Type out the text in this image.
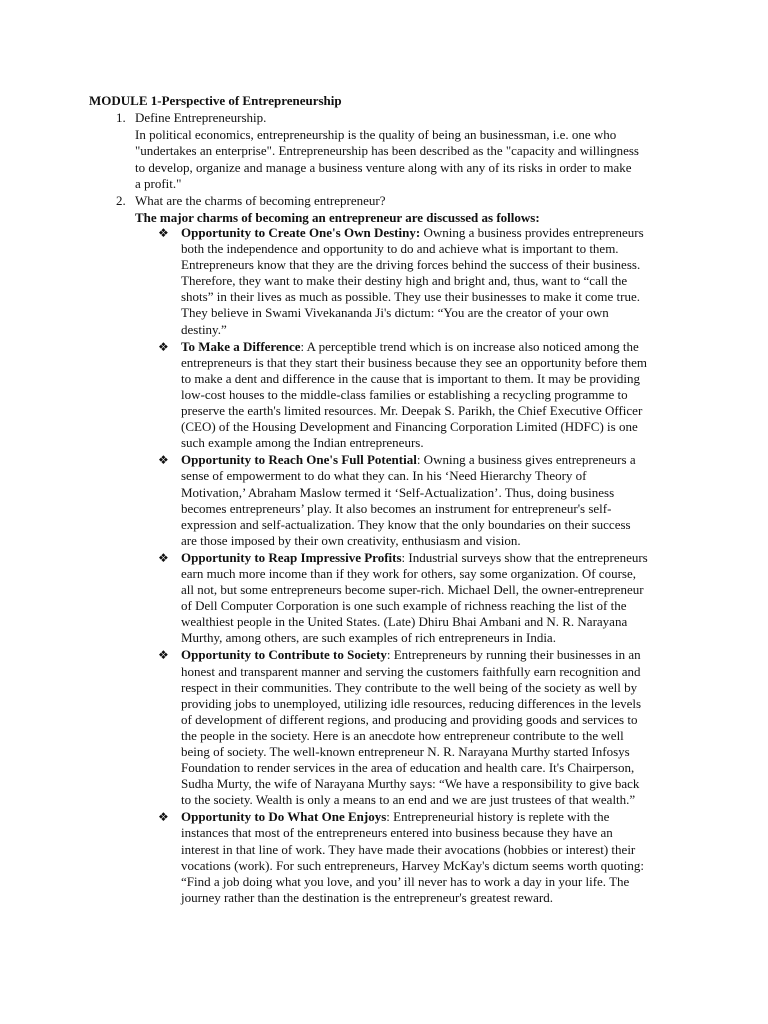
MODULE 1-Perspective of Entrepreneurship
1. Define Entrepreneurship.
In political economics, entrepreneurship is the quality of being an businessman, i.e. one who
"undertakes an enterprise". Entrepreneurship has been described as the "capacity and willingness
to develop, organize and manage a business venture along with any of its risks in order to make
a profit."
2. What are the charms of becoming entrepreneur?
The major charms of becoming an entrepreneur are discussed as follows:
❖ Opportunity to Create One's Own Destiny: Owning a business provides entrepreneurs
both the independence and opportunity to do and achieve what is important to them.
Entrepreneurs know that they are the driving forces behind the success of their business.
Therefore, they want to make their destiny high and bright and, thus, want to “call the
shots” in their lives as much as possible. They use their businesses to make it come true.
They believe in Swami Vivekananda Ji's dictum: “You are the creator of your own
destiny.”
❖ To Make a Difference: A perceptible trend which is on increase also noticed among the
entrepreneurs is that they start their business because they see an opportunity before them
to make a dent and difference in the cause that is important to them. It may be providing
low-cost houses to the middle-class families or establishing a recycling programme to
preserve the earth's limited resources. Mr. Deepak S. Parikh, the Chief Executive Officer
(CEO) of the Housing Development and Financing Corporation Limited (HDFC) is one
such example among the Indian entrepreneurs.
❖ Opportunity to Reach One's Full Potential: Owning a business gives entrepreneurs a
sense of empowerment to do what they can. In his ‘Need Hierarchy Theory of
Motivation,’ Abraham Maslow termed it ‘Self-Actualization’. Thus, doing business
becomes entrepreneurs’ play. It also becomes an instrument for entrepreneur's self-
expression and self-actualization. They know that the only boundaries on their success
are those imposed by their own creativity, enthusiasm and vision.
❖ Opportunity to Reap Impressive Profits: Industrial surveys show that the entrepreneurs
earn much more income than if they work for others, say some organization. Of course,
all not, but some entrepreneurs become super-rich. Michael Dell, the owner-entrepreneur
of Dell Computer Corporation is one such example of richness reaching the list of the
wealthiest people in the United States. (Late) Dhiru Bhai Ambani and N. R. Narayana
Murthy, among others, are such examples of rich entrepreneurs in India.
❖ Opportunity to Contribute to Society: Entrepreneurs by running their businesses in an
honest and transparent manner and serving the customers faithfully earn recognition and
respect in their communities. They contribute to the well being of the society as well by
providing jobs to unemployed, utilizing idle resources, reducing differences in the levels
of development of different regions, and producing and providing goods and services to
the people in the society. Here is an anecdote how entrepreneur contribute to the well
being of society. The well-known entrepreneur N. R. Narayana Murthy started Infosys
Foundation to render services in the area of education and health care. It's Chairperson,
Sudha Murty, the wife of Narayana Murthy says: “We have a responsibility to give back
to the society. Wealth is only a means to an end and we are just trustees of that wealth.”
❖ Opportunity to Do What One Enjoys: Entrepreneurial history is replete with the
instances that most of the entrepreneurs entered into business because they have an
interest in that line of work. They have made their avocations (hobbies or interest) their
vocations (work). For such entrepreneurs, Harvey McKay's dictum seems worth quoting:
“Find a job doing what you love, and you’ ill never has to work a day in your life. The
journey rather than the destination is the entrepreneur's greatest reward.
